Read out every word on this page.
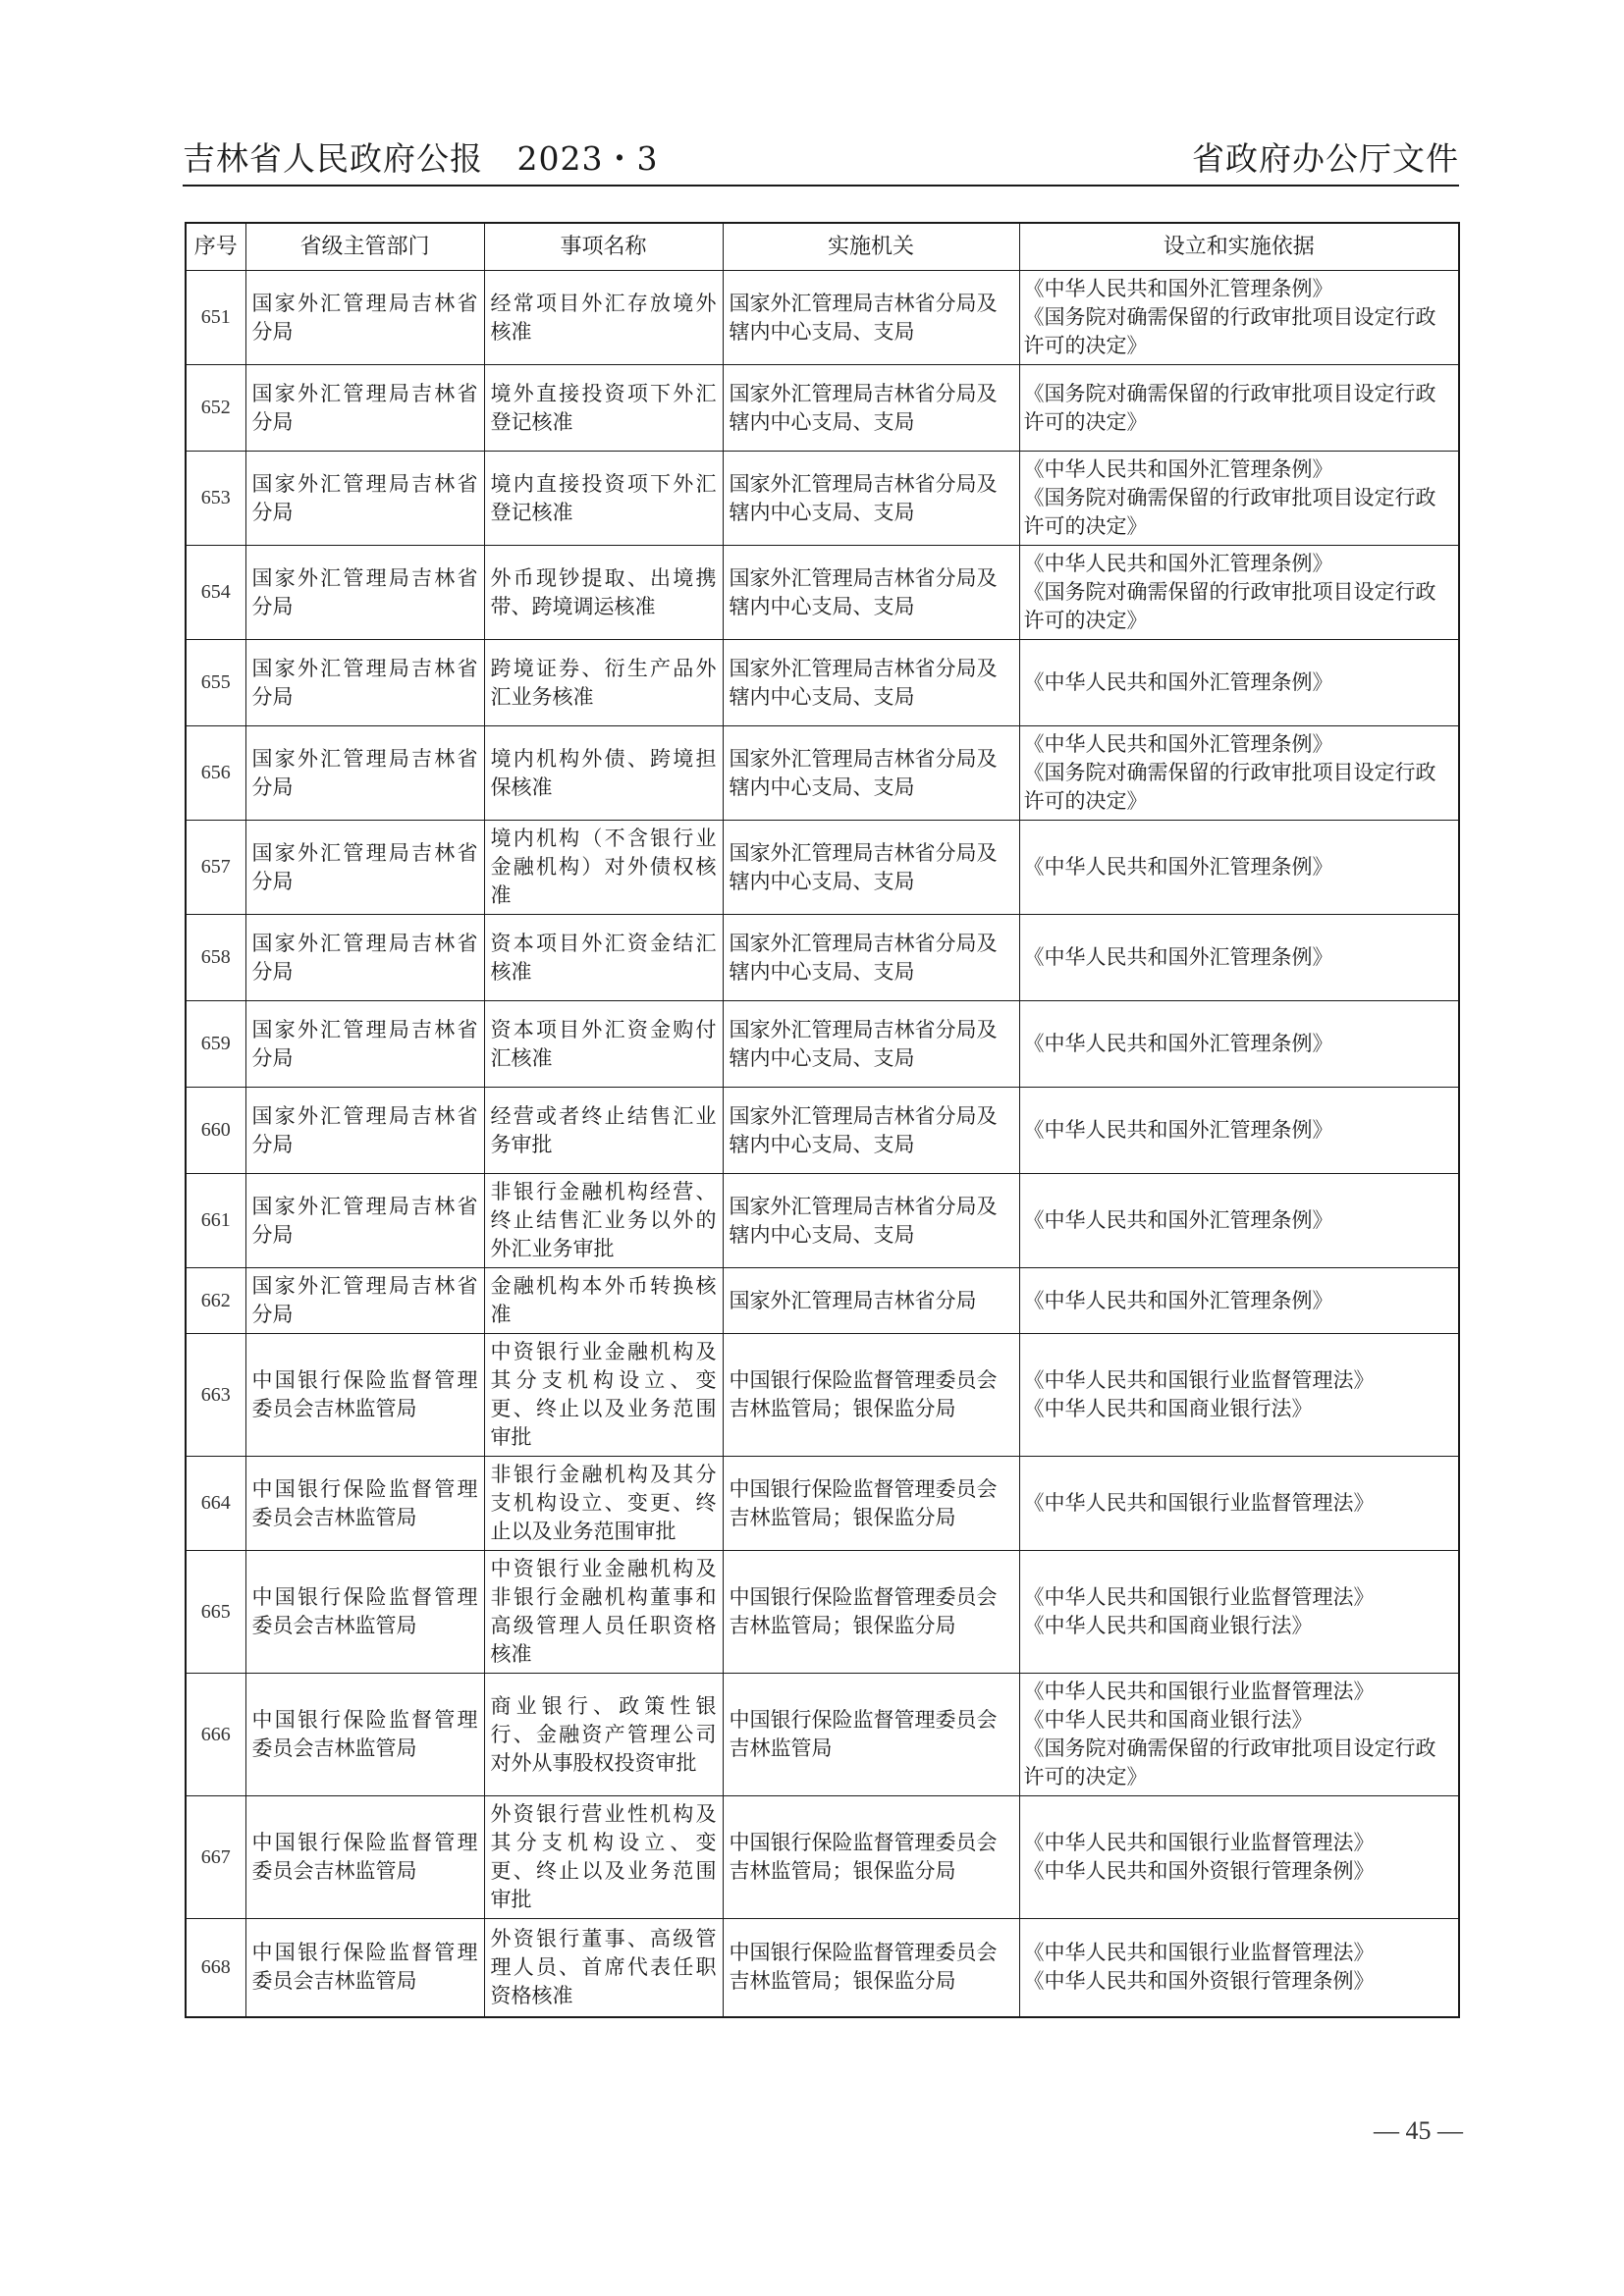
吉林省人民政府公报 2023・3	省政府办公厅文件
序号	省级主管部门	事项名称	实施机关	设立和实施依据
651	国家外汇管理局吉林省分局	经常项目外汇存放境外核准	国家外汇管理局吉林省分局及辖内中心支局、支局	《中华人民共和国外汇管理条例》
《国务院对确需保留的行政审批项目设定行政许可的决定》

652	国家外汇管理局吉林省分局	境外直接投资项下外汇登记核准	国家外汇管理局吉林省分局及辖内中心支局、支局	《国务院对确需保留的行政审批项目设定行政许可的决定》

653	国家外汇管理局吉林省分局	境内直接投资项下外汇登记核准	国家外汇管理局吉林省分局及辖内中心支局、支局	《中华人民共和国外汇管理条例》
《国务院对确需保留的行政审批项目设定行政许可的决定》

654	国家外汇管理局吉林省分局	外币现钞提取、出境携带、跨境调运核准	国家外汇管理局吉林省分局及辖内中心支局、支局	《中华人民共和国外汇管理条例》
《国务院对确需保留的行政审批项目设定行政许可的决定》

655	国家外汇管理局吉林省分局	跨境证券、衍生产品外汇业务核准	国家外汇管理局吉林省分局及辖内中心支局、支局	《中华人民共和国外汇管理条例》

656	国家外汇管理局吉林省分局	境内机构外债、跨境担保核准	国家外汇管理局吉林省分局及辖内中心支局、支局	《中华人民共和国外汇管理条例》
《国务院对确需保留的行政审批项目设定行政许可的决定》

657	国家外汇管理局吉林省分局	境内机构（不含银行业金融机构）对外债权核准	国家外汇管理局吉林省分局及辖内中心支局、支局	《中华人民共和国外汇管理条例》

658	国家外汇管理局吉林省分局	资本项目外汇资金结汇核准	国家外汇管理局吉林省分局及辖内中心支局、支局	《中华人民共和国外汇管理条例》

659	国家外汇管理局吉林省分局	资本项目外汇资金购付汇核准	国家外汇管理局吉林省分局及辖内中心支局、支局	《中华人民共和国外汇管理条例》

660	国家外汇管理局吉林省分局	经营或者终止结售汇业务审批	国家外汇管理局吉林省分局及辖内中心支局、支局	《中华人民共和国外汇管理条例》

661	国家外汇管理局吉林省分局	非银行金融机构经营、终止结售汇业务以外的外汇业务审批	国家外汇管理局吉林省分局及辖内中心支局、支局	《中华人民共和国外汇管理条例》

662	国家外汇管理局吉林省分局	金融机构本外币转换核准	国家外汇管理局吉林省分局	《中华人民共和国外汇管理条例》

663	中国银行保险监督管理委员会吉林监管局	中资银行业金融机构及其分支机构设立、变更、终止以及业务范围审批	中国银行保险监督管理委员会吉林监管局；银保监分局	《中华人民共和国银行业监督管理法》
《中华人民共和国商业银行法》

664	中国银行保险监督管理委员会吉林监管局	非银行金融机构及其分支机构设立、变更、终止以及业务范围审批	中国银行保险监督管理委员会吉林监管局；银保监分局	《中华人民共和国银行业监督管理法》

665	中国银行保险监督管理委员会吉林监管局	中资银行业金融机构及非银行金融机构董事和高级管理人员任职资格核准	中国银行保险监督管理委员会吉林监管局；银保监分局	《中华人民共和国银行业监督管理法》
《中华人民共和国商业银行法》

666	中国银行保险监督管理委员会吉林监管局	商业银行、政策性银行、金融资产管理公司对外从事股权投资审批	中国银行保险监督管理委员会吉林监管局	《中华人民共和国银行业监督管理法》
《中华人民共和国商业银行法》
《国务院对确需保留的行政审批项目设定行政许可的决定》

667	中国银行保险监督管理委员会吉林监管局	外资银行营业性机构及其分支机构设立、变更、终止以及业务范围审批	中国银行保险监督管理委员会吉林监管局；银保监分局	《中华人民共和国银行业监督管理法》
《中华人民共和国外资银行管理条例》

668	中国银行保险监督管理委员会吉林监管局	外资银行董事、高级管理人员、首席代表任职资格核准	中国银行保险监督管理委员会吉林监管局；银保监分局	《中华人民共和国银行业监督管理法》
《中华人民共和国外资银行管理条例》
— 45 —
